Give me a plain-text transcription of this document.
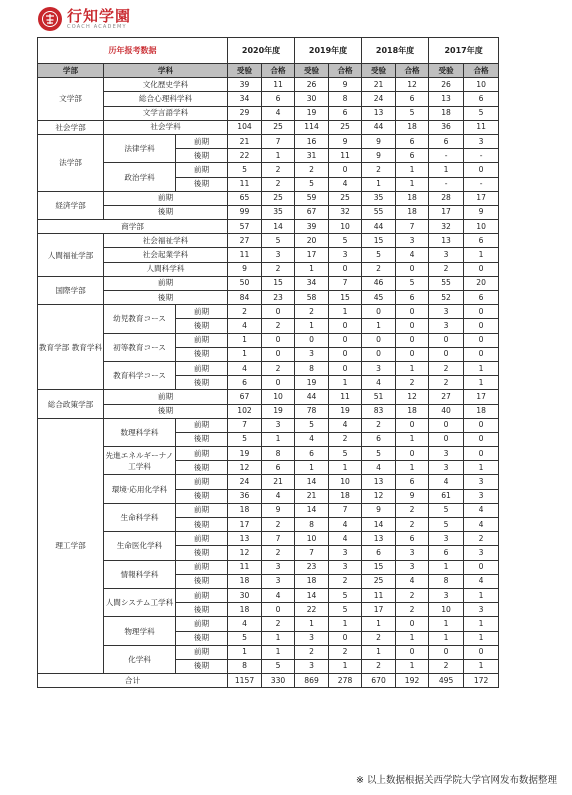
行知学園
COACH ACADEMY
历年报考数据			2020年度		2019年度		2018年度		2017年度	
学部	学科		受验	合格	受验	合格	受验	合格	受验	合格
文学部	文化歴史学科		39	11	26	9	21	12	26	10
	総合心理科学科		34	6	30	8	24	6	13	6
	文学言語学科		29	4	19	6	13	5	18	5
社会学部	社会学科		104	25	114	25	44	18	36	11
法学部	法律学科	前期	21	7	16	9	9	6	6	3
		後期	22	1	31	11	9	6	-	-
	政治学科	前期	5	2	2	0	2	1	1	0
		後期	11	2	5	4	1	1	-	-
経済学部	前期		65	25	59	25	35	18	28	17
	後期		99	35	67	32	55	18	17	9
商学部			57	14	39	10	44	7	32	10
人間福祉学部	社会福祉学科		27	5	20	5	15	3	13	6
	社会起業学科		11	3	17	3	5	4	3	1
	人間科学科		9	2	1	0	2	0	2	0
国際学部	前期		50	15	34	7	46	5	55	20
	後期		84	23	58	15	45	6	52	6
教育学部 教育学科	幼児教育コース	前期	2	0	2	1	0	0	3	0
		後期	4	2	1	0	1	0	3	0
	初等教育コース	前期	1	0	0	0	0	0	0	0
		後期	1	0	3	0	0	0	0	0
	教育科学コース	前期	4	2	8	0	3	1	2	1
		後期	6	0	19	1	4	2	2	1
総合政策学部	前期		67	10	44	11	51	12	27	17
	後期		102	19	78	19	83	18	40	18
理工学部	数理科学科	前期	7	3	5	4	2	0	0	0
		後期	5	1	4	2	6	1	0	0
	先進エネルギーナノ工学科	前期	19	8	6	5	5	0	3	0
		後期	12	6	1	1	4	1	3	1
	環境·応用化学科	前期	24	21	14	10	13	6	4	3
		後期	36	4	21	18	12	9	61	3
	生命科学科	前期	18	9	14	7	9	2	5	4
		後期	17	2	8	4	14	2	5	4
	生命医化学科	前期	13	7	10	4	13	6	3	2
		後期	12	2	7	3	6	3	6	3
	情報科学科	前期	11	3	23	3	15	3	1	0
		後期	18	3	18	2	25	4	8	4
	人間システム工学科	前期	30	4	14	5	11	2	3	1
		後期	18	0	22	5	17	2	10	3
	物理学科	前期	4	2	1	1	1	0	1	1
		後期	5	1	3	0	2	1	1	1
	化学科	前期	1	1	2	2	1	0	0	0
		後期	8	5	3	1	2	1	2	1
合计			1157	330	869	278	670	192	495	172
※ 以上数据根据关西学院大学官网发布数据整理
